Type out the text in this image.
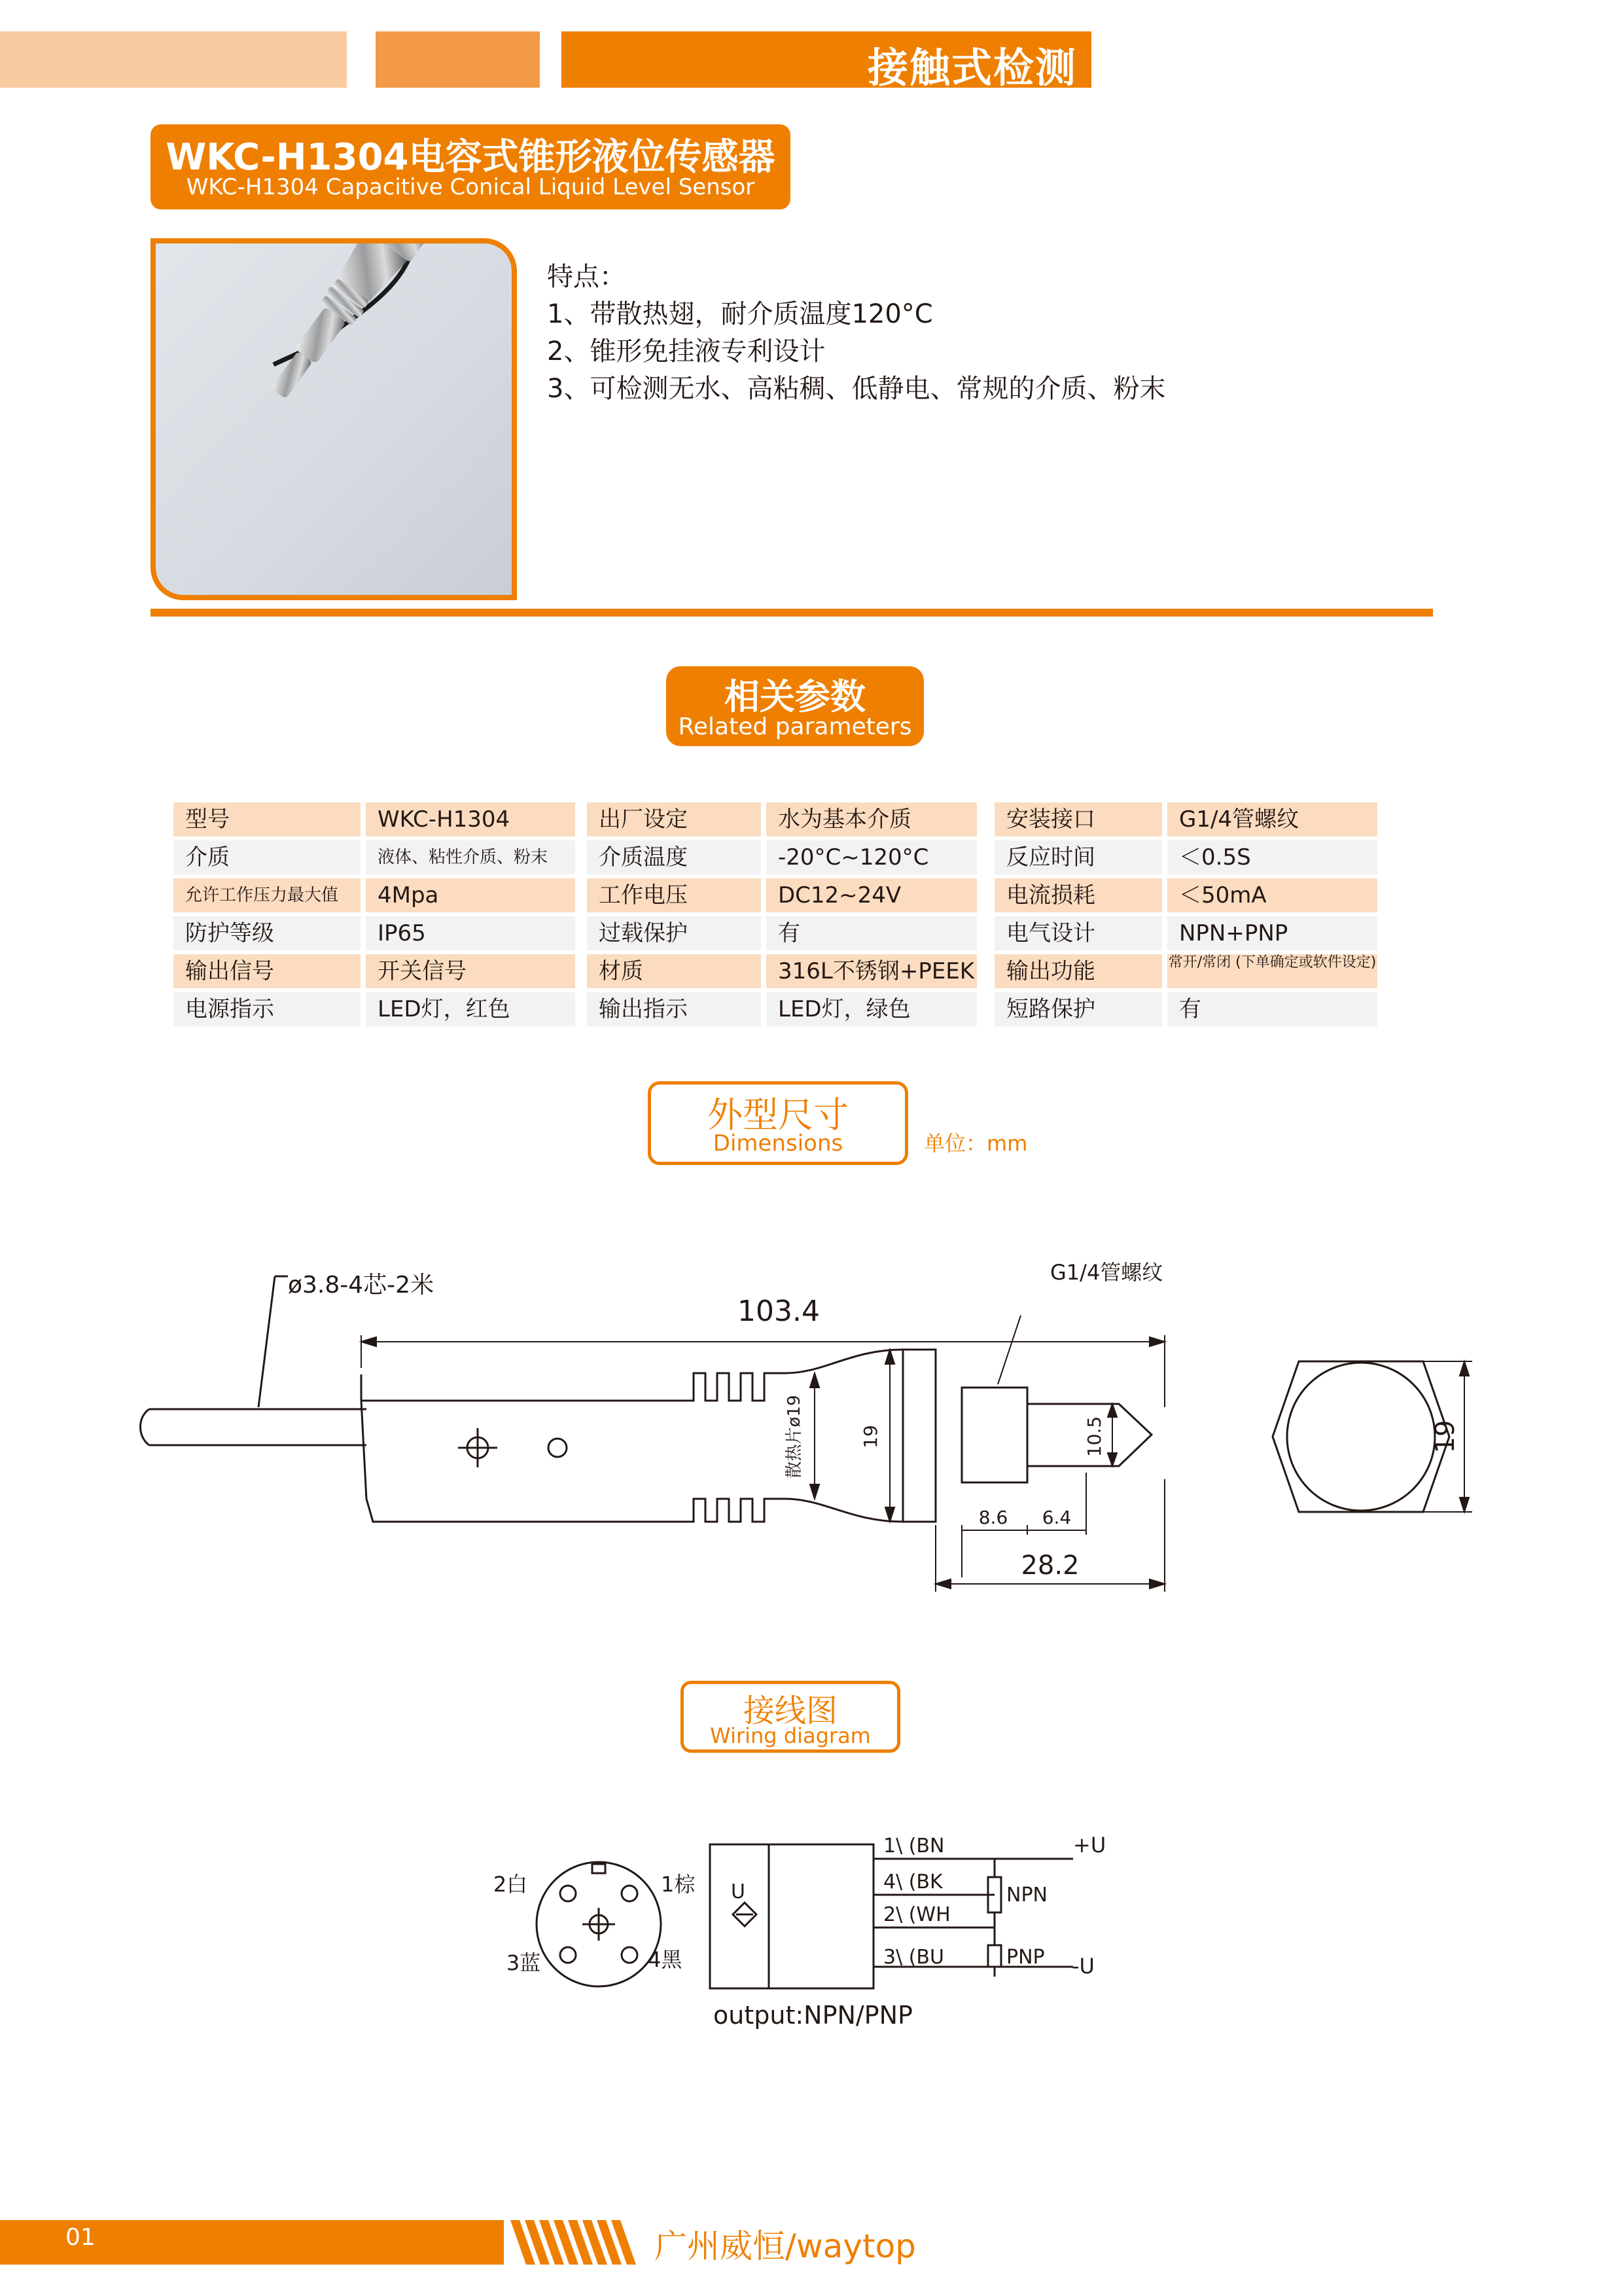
接触式检测
WKC-H1304电容式锥形液位传感器
WKC-H1304 Capacitive Conical Liquid Level Sensor
特点：
1、带散热翅，耐介质温度120°C
2、锥形免挂液专利设计
3、可检测无水、高粘稠、低静电、常规的介质、粉末
相关参数
Related parameters
型号	WKC-H1304	出厂设定	水为基本介质	安装接口	G1/4管螺纹
介质	液体、粘性介质、粉末	介质温度	-20°C~120°C	反应时间	＜0.5S
允许工作压力最大值	4Mpa	工作电压	DC12~24V	电流损耗	＜50mA
防护等级	IP65	过载保护	有	电气设计	NPN+PNP
输出信号	开关信号	材质	316L不锈钢+PEEK	输出功能	常开/常闭 (下单确定或软件设定)
电源指示	LED灯，红色	输出指示	LED灯，绿色	短路保护	有
外型尺寸
Dimensions	单位：mm
ø3.8-4芯-2米
103.4
G1/4管螺纹
散热片ø19	19	10.5
8.6 6.4
28.2
19
接线图
Wiring diagram
2白	1棕
3蓝	4黑
U
1\ (BN
4\ (BK
2\ (WH
3\ (BU
+U
-U
NPN
PNP
output:NPN/PNP
01	广州威恒/waytop
